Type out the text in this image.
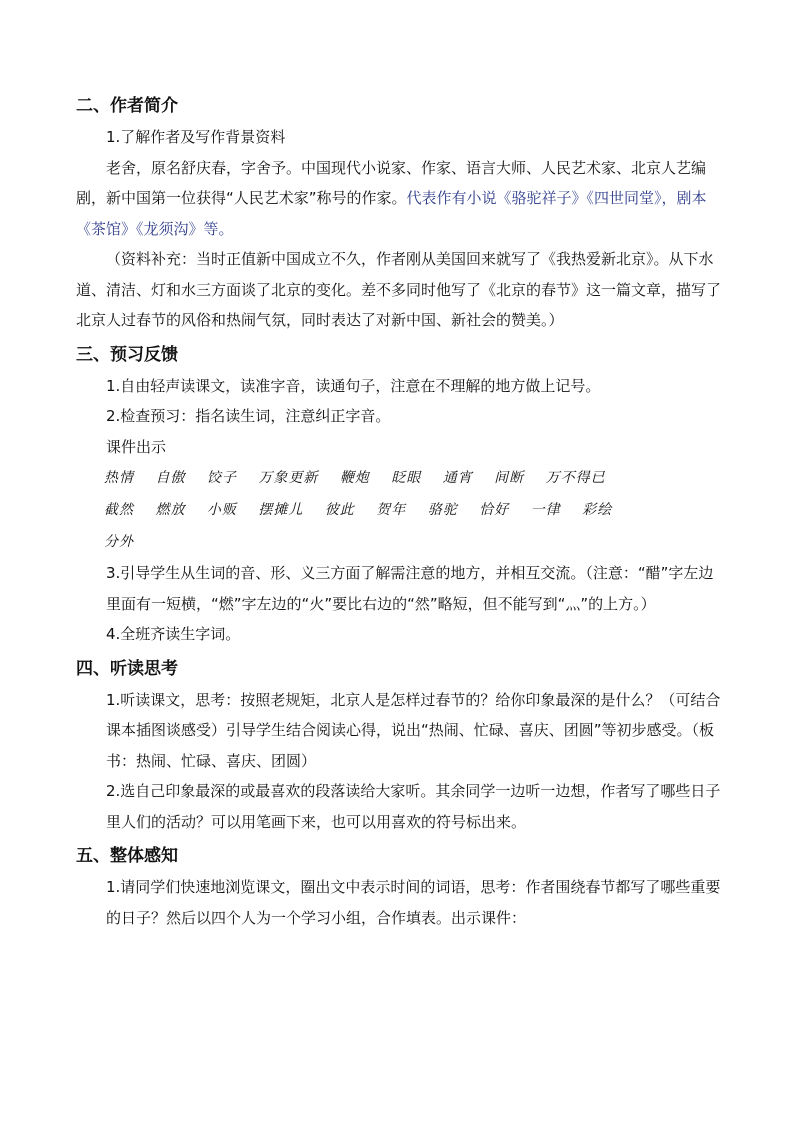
二、作者简介

1.了解作者及写作背景资料

老舍，原名舒庆春，字舍予。中国现代小说家、作家、语言大师、人民艺术家、北京人艺编剧，新中国第一位获得“人民艺术家”称号的作家。代表作有小说《骆驼祥子》《四世同堂》，剧本《茶馆》《龙须沟》等。

（资料补充：当时正值新中国成立不久，作者刚从美国回来就写了《我热爱新北京》。从下水道、清洁、灯和水三方面谈了北京的变化。差不多同时他写了《北京的春节》这一篇文章，描写了北京人过春节的风俗和热闹气氛，同时表达了对新中国、新社会的赞美。）

三、预习反馈

1.自由轻声读课文，读准字音，读通句子，注意在不理解的地方做上记号。

2.检查预习：指名读生词，注意纠正字音。

课件出示

热情 自傲 饺子 万象更新 鞭炮 眨眼 通宵 间断 万不得已
截然 燃放 小贩 摆摊儿 彼此 贺年 骆驼 恰好 一律 彩绘
分外

3.引导学生从生词的音、形、义三方面了解需注意的地方，并相互交流。（注意：“醋”字左边里面有一短横，“燃”字左边的“火”要比右边的“然”略短，但不能写到“灬”的上方。）

4.全班齐读生字词。

四、听读思考

1.听读课文，思考：按照老规矩，北京人是怎样过春节的？给你印象最深的是什么？（可结合课本插图谈感受）引导学生结合阅读心得，说出“热闹、忙碌、喜庆、团圆”等初步感受。（板书：热闹、忙碌、喜庆、团圆）

2.选自己印象最深的或最喜欢的段落读给大家听。其余同学一边听一边想，作者写了哪些日子里人们的活动？可以用笔画下来，也可以用喜欢的符号标出来。

五、整体感知

1.请同学们快速地浏览课文，圈出文中表示时间的词语，思考：作者围绕春节都写了哪些重要的日子？然后以四个人为一个学习小组，合作填表。出示课件：
